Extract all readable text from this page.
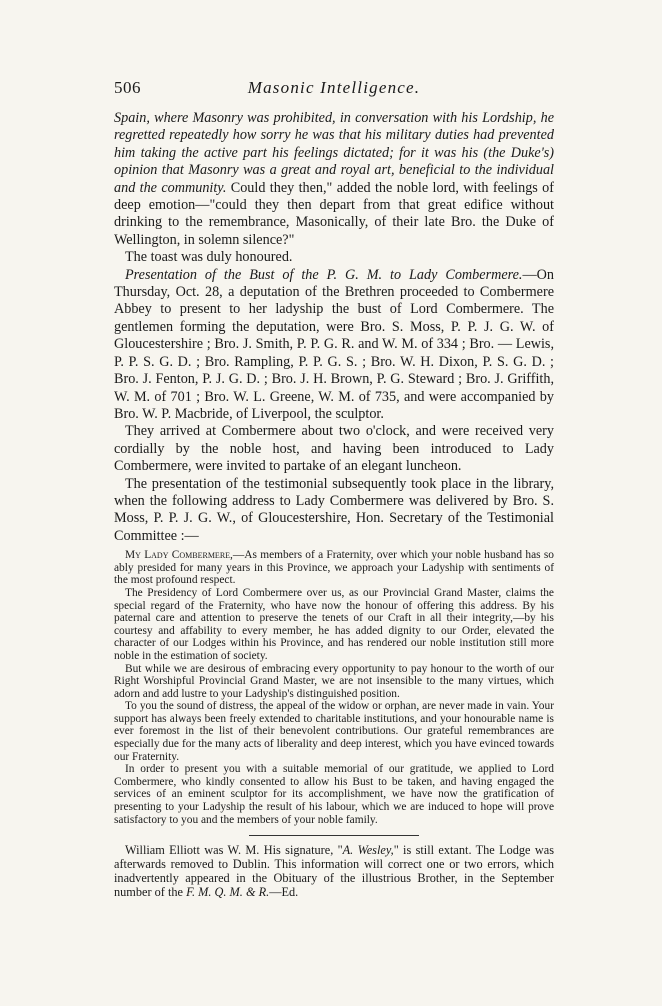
506	Masonic Intelligence.

Spain, where Masonry was prohibited, in conversation with his Lordship, he regretted repeatedly how sorry he was that his military duties had prevented him taking the active part his feelings dictated; for it was his (the Duke's) opinion that Masonry was a great and royal art, beneficial to the individual and the community. Could they then," added the noble lord, with feelings of deep emotion—"could they then depart from that great edifice without drinking to the remembrance, Masonically, of their late Bro. the Duke of Wellington, in solemn silence?"

The toast was duly honoured.

Presentation of the Bust of the P. G. M. to Lady Combermere.—On Thursday, Oct. 28, a deputation of the Brethren proceeded to Combermere Abbey to present to her ladyship the bust of Lord Combermere. The gentlemen forming the deputation, were Bro. S. Moss, P. P. J. G. W. of Gloucestershire ; Bro. J. Smith, P. P. G. R. and W. M. of 334 ; Bro. — Lewis, P. P. S. G. D. ; Bro. Rampling, P. P. G. S. ; Bro. W. H. Dixon, P. S. G. D. ; Bro. J. Fenton, P. J. G. D. ; Bro. J. H. Brown, P. G. Steward ; Bro. J. Griffith, W. M. of 701 ; Bro. W. L. Greene, W. M. of 735, and were accompanied by Bro. W. P. Macbride, of Liverpool, the sculptor.

They arrived at Combermere about two o'clock, and were received very cordially by the noble host, and having been introduced to Lady Combermere, were invited to partake of an elegant luncheon.

The presentation of the testimonial subsequently took place in the library, when the following address to Lady Combermere was delivered by Bro. S. Moss, P. P. J. G. W., of Gloucestershire, Hon. Secretary of the Testimonial Committee :—

My Lady Combermere,—As members of a Fraternity, over which your noble husband has so ably presided for many years in this Province, we approach your Ladyship with sentiments of the most profound respect.

The Presidency of Lord Combermere over us, as our Provincial Grand Master, claims the special regard of the Fraternity, who have now the honour of offering this address. By his paternal care and attention to preserve the tenets of our Craft in all their integrity,—by his courtesy and affability to every member, he has added dignity to our Order, elevated the character of our Lodges within his Province, and has rendered our noble institution still more noble in the estimation of society.

But while we are desirous of embracing every opportunity to pay honour to the worth of our Right Worshipful Provincial Grand Master, we are not insensible to the many virtues, which adorn and add lustre to your Ladyship's distinguished position.

To you the sound of distress, the appeal of the widow or orphan, are never made in vain. Your support has always been freely extended to charitable institutions, and your honourable name is ever foremost in the list of their benevolent contributions. Our grateful remembrances are especially due for the many acts of liberality and deep interest, which you have evinced towards our Fraternity.

In order to present you with a suitable memorial of our gratitude, we applied to Lord Combermere, who kindly consented to allow his Bust to be taken, and having engaged the services of an eminent sculptor for its accomplishment, we have now the gratification of presenting to your Ladyship the result of his labour, which we are induced to hope will prove satisfactory to you and the members of your noble family.

William Elliott was W. M. His signature, "A. Wesley," is still extant. The Lodge was afterwards removed to Dublin. This information will correct one or two errors, which inadvertently appeared in the Obituary of the illustrious Brother, in the September number of the F. M. Q. M. & R.—Ed.
